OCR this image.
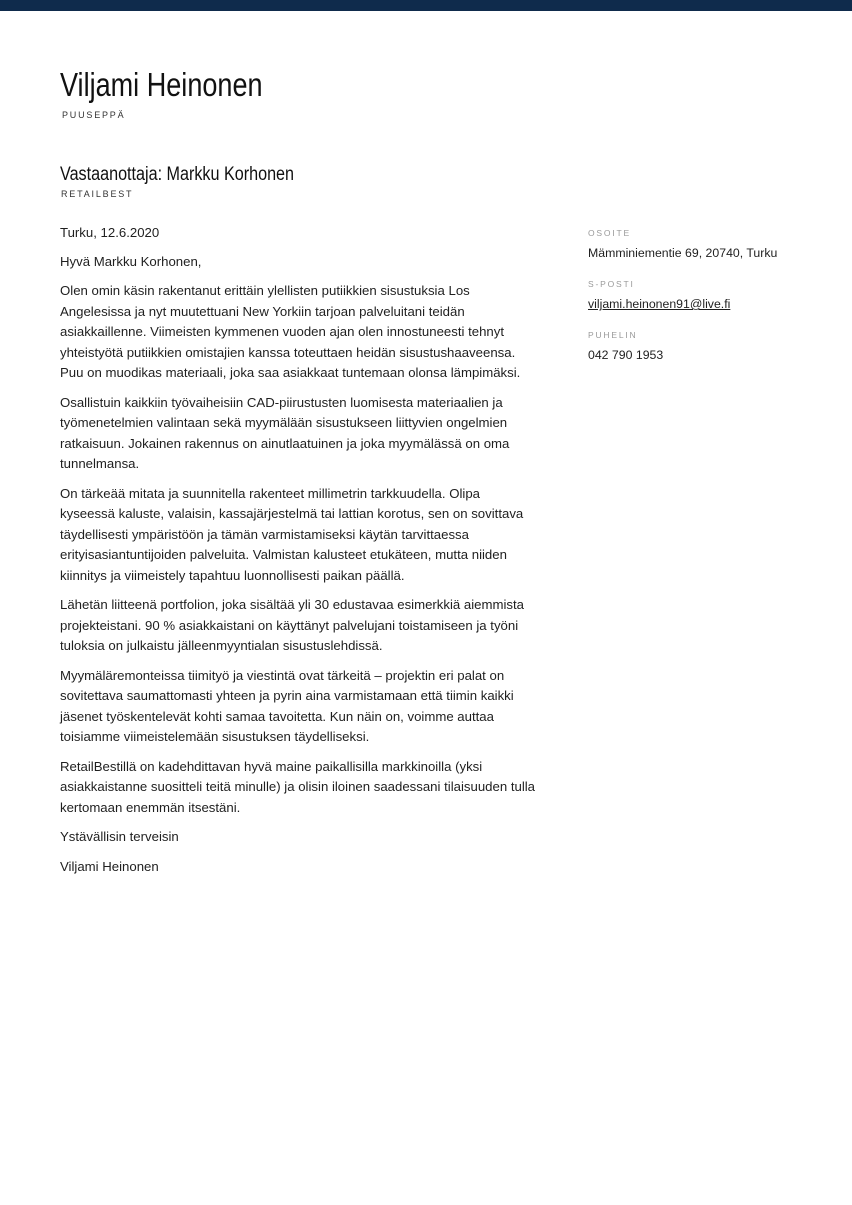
Viljami Heinonen
PUUSEPPÄ
Vastaanottaja: Markku Korhonen
RETAILBEST

Turku, 12.6.2020

Hyvä Markku Korhonen,

Olen omin käsin rakentanut erittäin ylellisten putiikkien sisustuksia Los Angelesissa ja nyt muutettuani New Yorkiin tarjoan palveluitani teidän asiakkaillenne. Viimeisten kymmenen vuoden ajan olen innostuneesti tehnyt yhteistyötä putiikkien omistajien kanssa toteuttaen heidän sisustushaaveensa. Puu on muodikas materiaali, joka saa asiakkaat tuntemaan olonsa lämpimäksi.

Osallistuin kaikkiin työvaiheisiin CAD-piirustusten luomisesta materiaalien ja työmenetelmien valintaan sekä myymälään sisustukseen liittyvien ongelmien ratkaisuun. Jokainen rakennus on ainutlaatuinen ja joka myymälässä on oma tunnelmansa.

On tärkeää mitata ja suunnitella rakenteet millimetrin tarkkuudella. Olipa kyseessä kaluste, valaisin, kassajärjestelmä tai lattian korotus, sen on sovittava täydellisesti ympäristöön ja tämän varmistamiseksi käytän tarvittaessa erityisasiantuntijoiden palveluita. Valmistan kalusteet etukäteen, mutta niiden kiinnitys ja viimeistely tapahtuu luonnollisesti paikan päällä.

Lähetän liitteenä portfolion, joka sisältää yli 30 edustavaa esimerkkiä aiemmista projekteistani. 90 % asiakkaistani on käyttänyt palvelujani toistamiseen ja työni tuloksia on julkaistu jälleenmyyntialan sisustuslehdissä.

Myymäläremonteissa tiimityö ja viestintä ovat tärkeitä – projektin eri palat on sovitettava saumattomasti yhteen ja pyrin aina varmistamaan että tiimin kaikki jäsenet työskentelevät kohti samaa tavoitetta. Kun näin on, voimme auttaa toisiamme viimeistelemään sisustuksen täydelliseksi.

RetailBestillä on kadehdittavan hyvä maine paikallisilla markkinoilla (yksi asiakkaistanne suositteli teitä minulle) ja olisin iloinen saadessani tilaisuuden tulla kertomaan enemmän itsestäni.

Ystävällisin terveisin

Viljami Heinonen

OSOITE
Mämminiementie 69, 20740, Turku
S-POSTI
viljami.heinonen91@live.fi
PUHELIN
042 790 1953
